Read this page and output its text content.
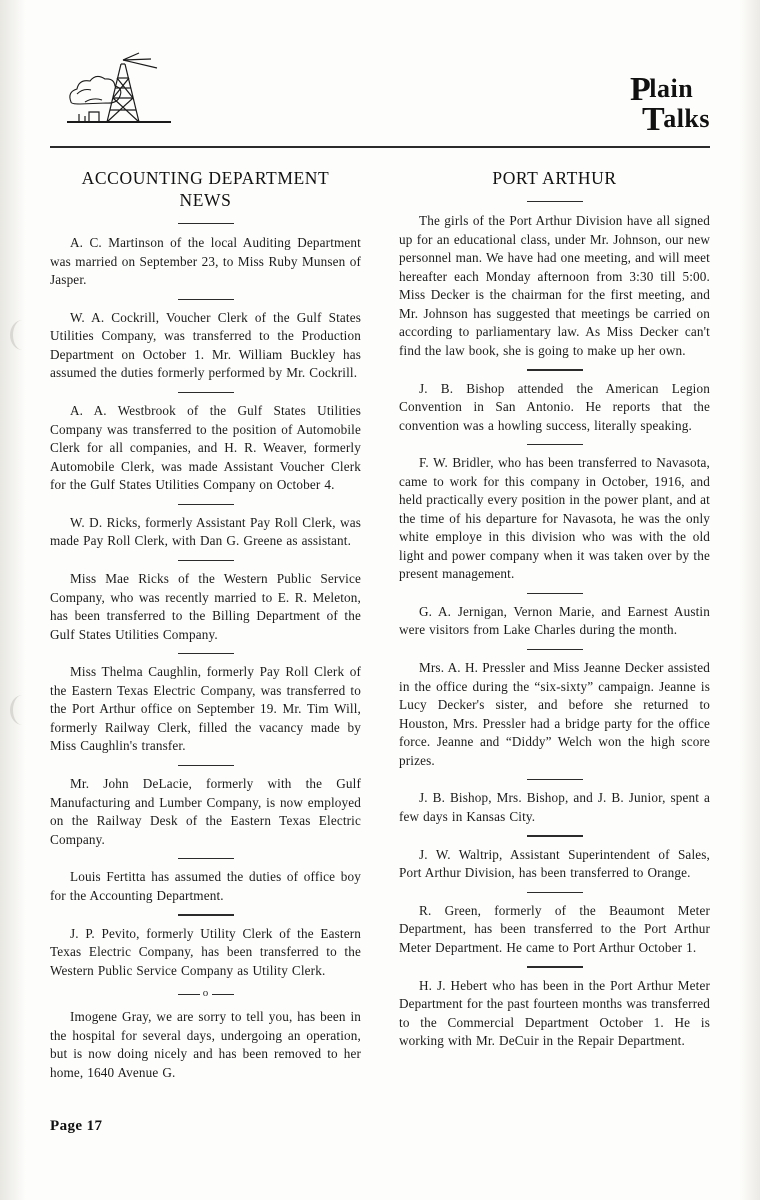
Plain
Talks
ACCOUNTING DEPARTMENT
NEWS

A. C. Martinson of the local Auditing Department was married on September 23, to Miss Ruby Munsen of Jasper.

W. A. Cockrill, Voucher Clerk of the Gulf States Utilities Company, was transferred to the Production Department on October 1. Mr. William Buckley has assumed the duties formerly performed by Mr. Cockrill.

A. A. Westbrook of the Gulf States Utilities Company was transferred to the position of Automobile Clerk for all companies, and H. R. Weaver, formerly Automobile Clerk, was made Assistant Voucher Clerk for the Gulf States Utilities Company on October 4.

W. D. Ricks, formerly Assistant Pay Roll Clerk, was made Pay Roll Clerk, with Dan G. Greene as assistant.

Miss Mae Ricks of the Western Public Service Company, who was recently married to E. R. Meleton, has been transferred to the Billing Department of the Gulf States Utilities Company.

Miss Thelma Caughlin, formerly Pay Roll Clerk of the Eastern Texas Electric Company, was transferred to the Port Arthur office on September 19. Mr. Tim Will, formerly Railway Clerk, filled the vacancy made by Miss Caughlin's transfer.

Mr. John DeLacie, formerly with the Gulf Manufacturing and Lumber Company, is now employed on the Railway Desk of the Eastern Texas Electric Company.

Louis Fertitta has assumed the duties of office boy for the Accounting Department.

J. P. Pevito, formerly Utility Clerk of the Eastern Texas Electric Company, has been transferred to the Western Public Service Company as Utility Clerk.

o

Imogene Gray, we are sorry to tell you, has been in the hospital for several days, undergoing an operation, but is now doing nicely and has been removed to her home, 1640 Avenue G.

PORT ARTHUR

The girls of the Port Arthur Division have all signed up for an educational class, under Mr. Johnson, our new personnel man. We have had one meeting, and will meet hereafter each Monday afternoon from 3:30 till 5:00. Miss Decker is the chairman for the first meeting, and Mr. Johnson has suggested that meetings be carried on according to parliamentary law. As Miss Decker can't find the law book, she is going to make up her own.

J. B. Bishop attended the American Legion Convention in San Antonio. He reports that the convention was a howling success, literally speaking.

F. W. Bridler, who has been transferred to Navasota, came to work for this company in October, 1916, and held practically every position in the power plant, and at the time of his departure for Navasota, he was the only white employe in this division who was with the old light and power company when it was taken over by the present management.

G. A. Jernigan, Vernon Marie, and Earnest Austin were visitors from Lake Charles during the month.

Mrs. A. H. Pressler and Miss Jeanne Decker assisted in the office during the “six-sixty” campaign. Jeanne is Lucy Decker's sister, and before she returned to Houston, Mrs. Pressler had a bridge party for the office force. Jeanne and “Diddy” Welch won the high score prizes.

J. B. Bishop, Mrs. Bishop, and J. B. Junior, spent a few days in Kansas City.

J. W. Waltrip, Assistant Superintendent of Sales, Port Arthur Division, has been transferred to Orange.

R. Green, formerly of the Beaumont Meter Department, has been transferred to the Port Arthur Meter Department. He came to Port Arthur October 1.

H. J. Hebert who has been in the Port Arthur Meter Department for the past fourteen months was transferred to the Commercial Department October 1. He is working with Mr. DeCuir in the Repair Department.

Page 17
